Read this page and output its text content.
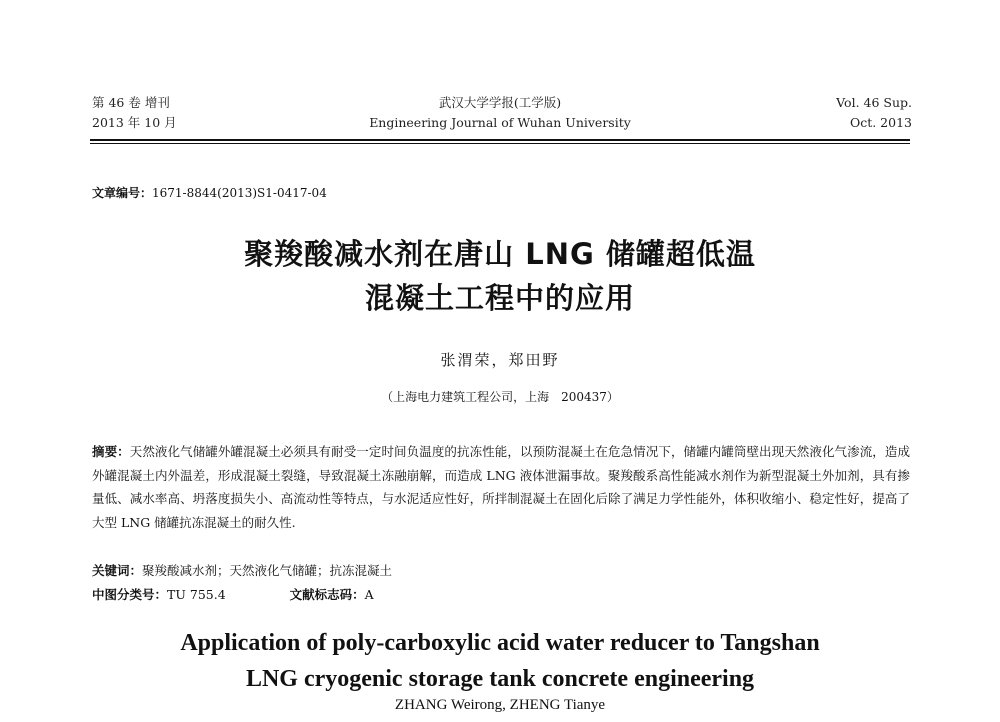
第 46 卷 增刊
2013 年 10 月
武汉大学学报(工学版)
Engineering Journal of Wuhan University
Vol. 46 Sup.
Oct. 2013
文章编号：1671-8844(2013)S1-0417-04
聚羧酸减水剂在唐山 LNG 储罐超低温
混凝土工程中的应用
张渭荣，郑田野
（上海电力建筑工程公司，上海　200437）
摘要：天然液化气储罐外罐混凝土必须具有耐受一定时间负温度的抗冻性能，以预防混凝土在危急情况下，储罐内罐筒壁出现天然液化气渗流，造成外罐混凝土内外温差，形成混凝土裂缝，导致混凝土冻融崩解，而造成 LNG 液体泄漏事故。聚羧酸系高性能减水剂作为新型混凝土外加剂，具有掺量低、减水率高、坍落度损失小、高流动性等特点，与水泥适应性好，所拌制混凝土在固化后除了满足力学性能外，体积收缩小、稳定性好，提高了大型 LNG 储罐抗冻混凝土的耐久性.
关键词：聚羧酸减水剂；天然液化气储罐；抗冻混凝土
中图分类号：TU 755.4	文献标志码：A
Application of poly-carboxylic acid water reducer to Tangshan
LNG cryogenic storage tank concrete engineering
ZHANG Weirong, ZHENG Tianye
